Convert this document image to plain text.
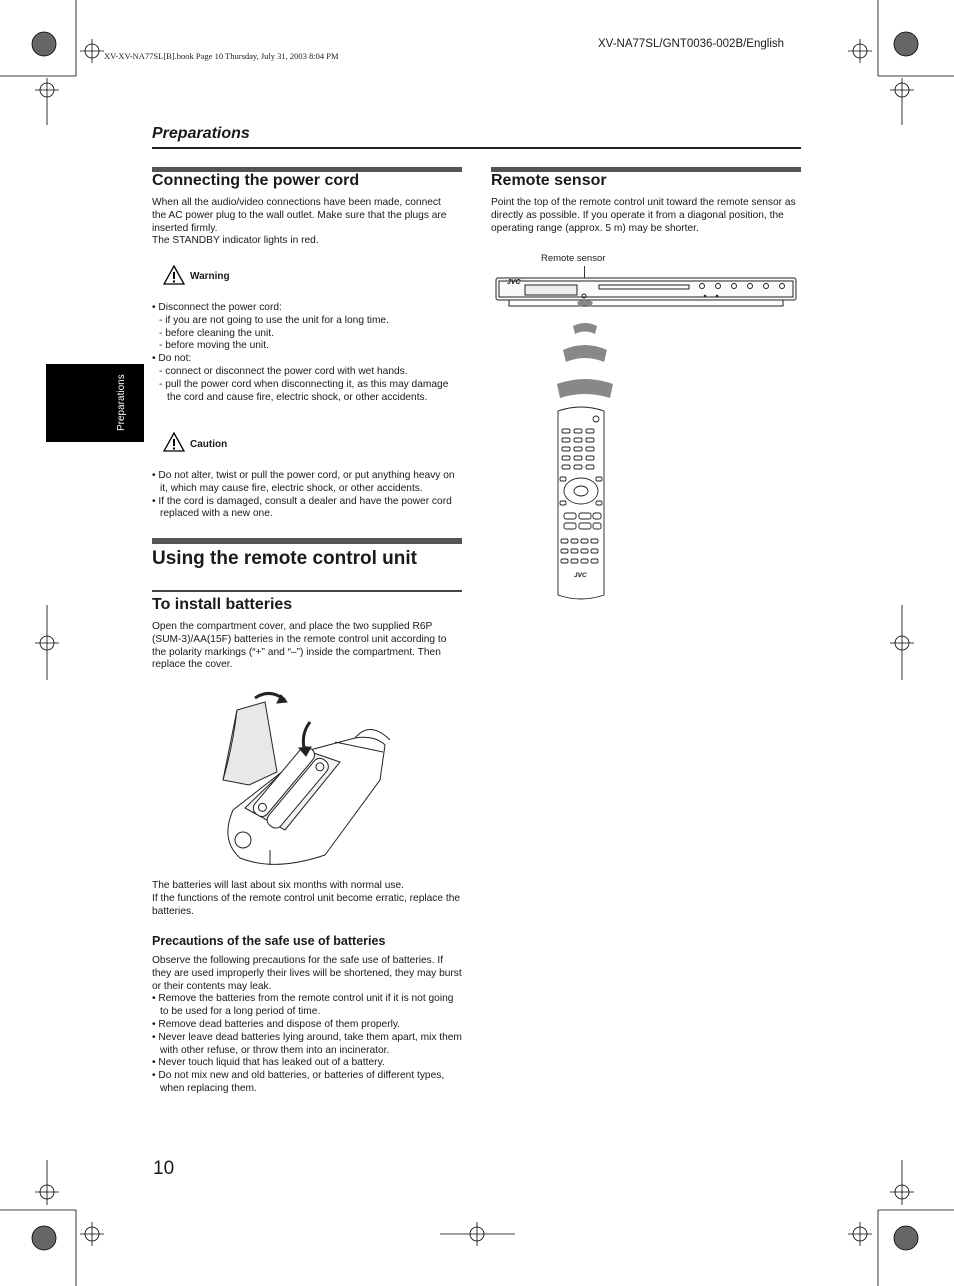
XV-XV-NA77SL[B].book Page 10 Thursday, July 31, 2003 8:04 PM
XV-NA77SL/GNT0036-002B/English
Preparations
Preparations
Connecting the power cord

When all the audio/video connections have been made, connect

the AC power plug to the wall outlet. Make sure that the plugs are

inserted firmly.

The STANDBY indicator lights in red.

Warning

• Disconnect the power cord:

- if you are not going to use the unit for a long time.

- before cleaning the unit.

- before moving the unit.

• Do not:

- connect or disconnect the power cord with wet hands.

- pull the power cord when disconnecting it, as this may damage the cord and cause fire, electric shock, or other accidents.

Caution

• Do not alter, twist or pull the power cord, or put anything heavy on it, which may cause fire, electric shock, or other accidents.

• If the cord is damaged, consult a dealer and have the power cord replaced with a new one.

Using the remote control unit
To install batteries
Open the compartment cover, and place the two supplied R6P (SUM-3)/AA(15F) batteries in the remote control unit according to the polarity markings (“+” and “–”) inside the compartment. Then replace the cover.

The batteries will last about six months with normal use.

If the functions of the remote control unit become erratic, replace the batteries.

Precautions of the safe use of batteries

Observe the following precautions for the safe use of batteries. If they are used improperly their lives will be shortened, they may burst or their contents may leak.

• Remove the batteries from the remote control unit if it is not going to be used for a long period of time.

• Remove dead batteries and dispose of them properly.

• Never leave dead batteries lying around, take them apart, mix them with other refuse, or throw them into an incinerator.

• Never touch liquid that has leaked out of a battery.

• Do not mix new and old batteries, or batteries of different types, when replacing them.

Remote sensor
Point the top of the remote control unit toward the remote sensor as directly as possible. If you operate it from a diagonal position, the operating range (approx. 5 m) may be shorter.
Remote sensor
JVC
JVC
10
